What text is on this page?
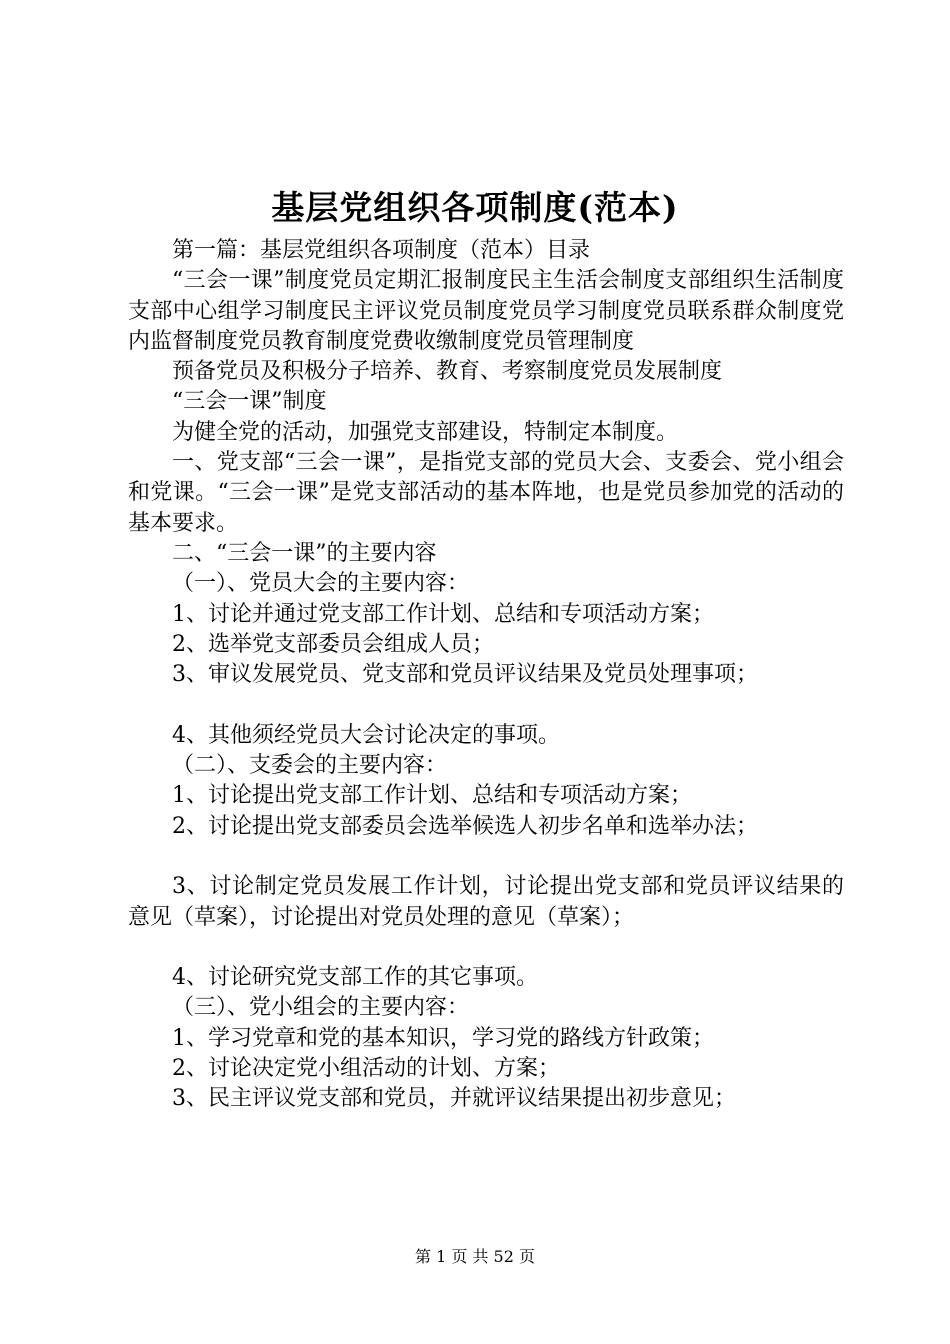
基层党组织各项制度(范本)

第一篇：基层党组织各项制度（范本）目录

“三会一课”制度党员定期汇报制度民主生活会制度支部组织生活制度支部中心组学习制度民主评议党员制度党员学习制度党员联系群众制度党内监督制度党员教育制度党费收缴制度党员管理制度

预备党员及积极分子培养、教育、考察制度党员发展制度

“三会一课”制度

为健全党的活动，加强党支部建设，特制定本制度。

一、党支部“三会一课”，是指党支部的党员大会、支委会、党小组会和党课。“三会一课”是党支部活动的基本阵地，也是党员参加党的活动的基本要求。

二、“三会一课”的主要内容

（一）、党员大会的主要内容：

1、讨论并通过党支部工作计划、总结和专项活动方案；

2、选举党支部委员会组成人员；

3、审议发展党员、党支部和党员评议结果及党员处理事项；

4、其他须经党员大会讨论决定的事项。

（二）、支委会的主要内容：

1、讨论提出党支部工作计划、总结和专项活动方案；

2、讨论提出党支部委员会选举候选人初步名单和选举办法；

3、讨论制定党员发展工作计划，讨论提出党支部和党员评议结果的意见（草案），讨论提出对党员处理的意见（草案）；

4、讨论研究党支部工作的其它事项。

（三）、党小组会的主要内容：

1、学习党章和党的基本知识，学习党的路线方针政策；

2、讨论决定党小组活动的计划、方案；

3、民主评议党支部和党员，并就评议结果提出初步意见；

第 1 页 共 52 页
